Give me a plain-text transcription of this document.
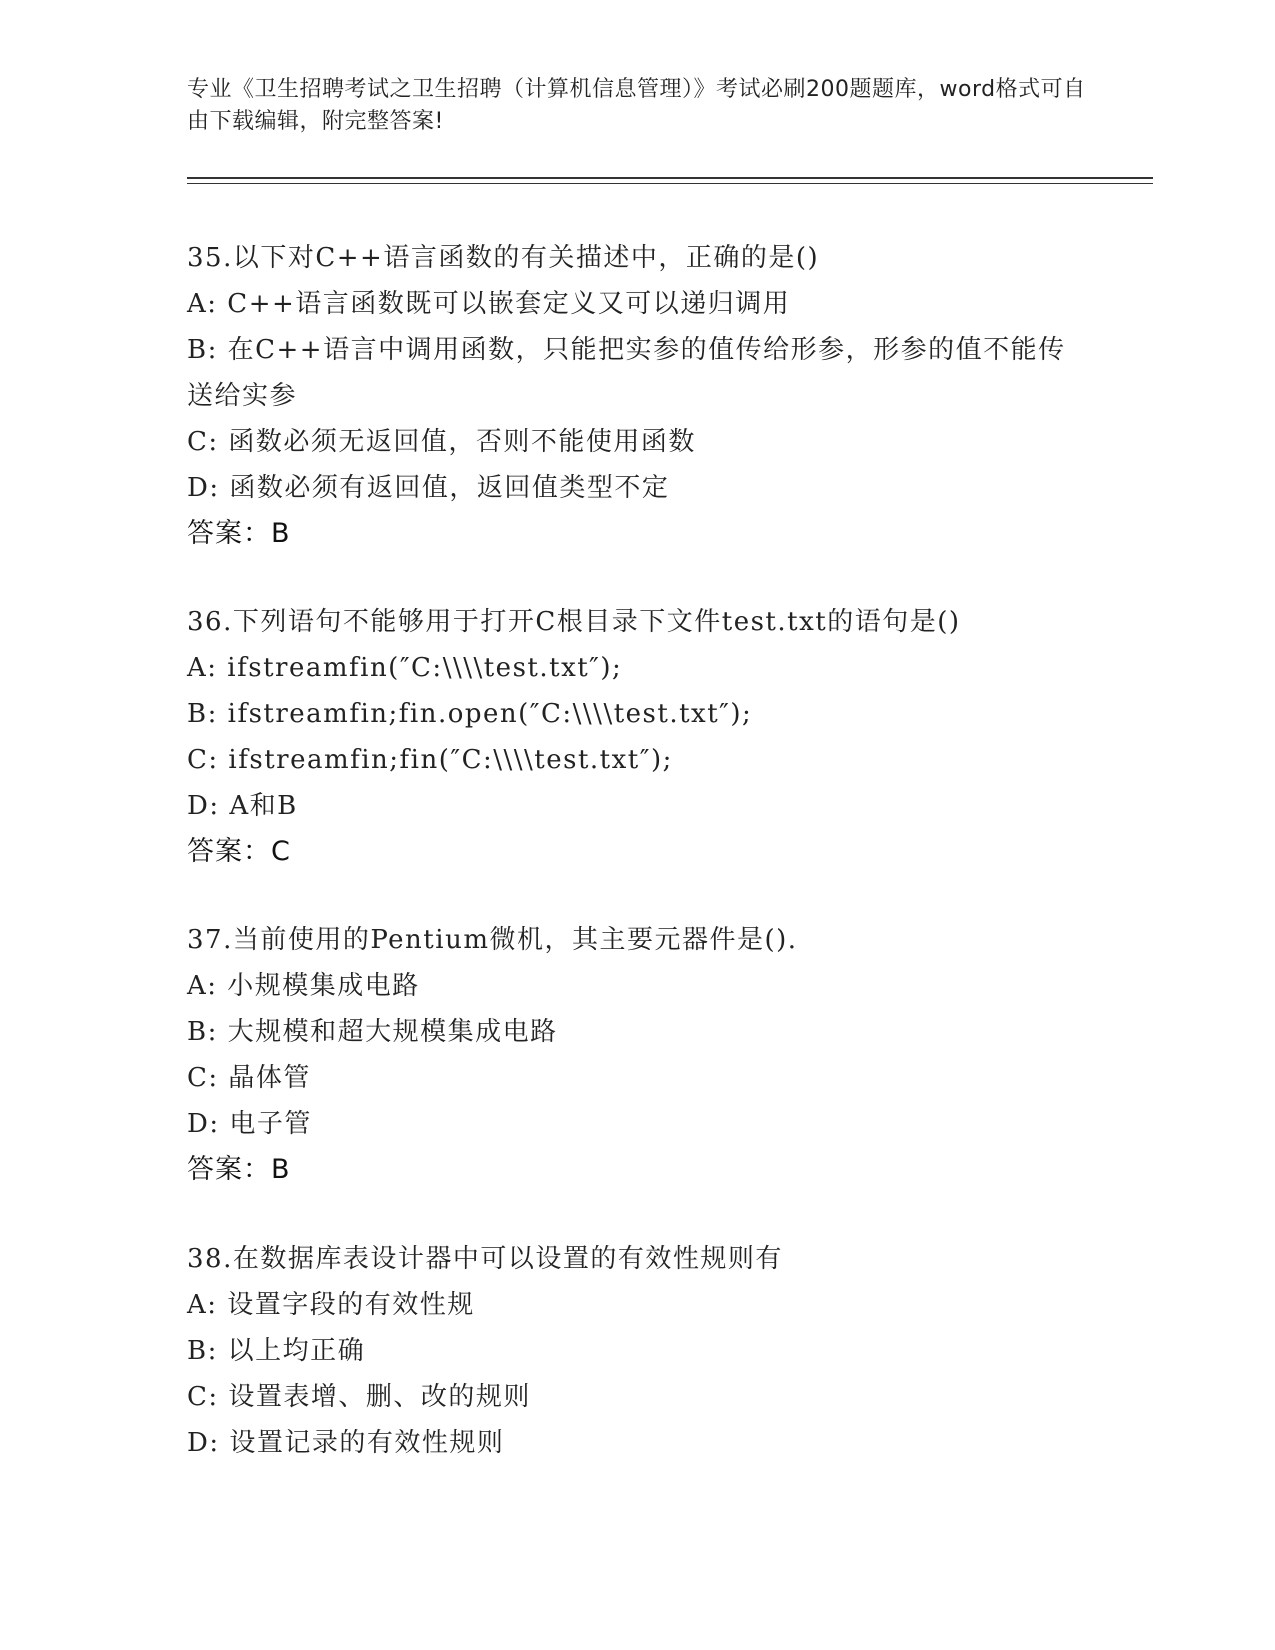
专业《卫生招聘考试之卫生招聘（计算机信息管理）》考试必刷200题题库，word格式可自由下载编辑，附完整答案!
35.以下对C++语言函数的有关描述中，正确的是()
A: C++语言函数既可以嵌套定义又可以递归调用
B: 在C++语言中调用函数，只能把实参的值传给形参，形参的值不能传送给实参
C: 函数必须无返回值，否则不能使用函数
D: 函数必须有返回值，返回值类型不定
答案：B
36.下列语句不能够用于打开C根目录下文件test.txt的语句是()
A: ifstreamfin(″C:\\\\test.txt″);
B: ifstreamfin;fin.open(″C:\\\\test.txt″);
C: ifstreamfin;fin(″C:\\\\test.txt″);
D: A和B
答案：C
37.当前使用的Pentium微机，其主要元器件是().
A: 小规模集成电路
B: 大规模和超大规模集成电路
C: 晶体管
D: 电子管
答案：B
38.在数据库表设计器中可以设置的有效性规则有
A: 设置字段的有效性规
B: 以上均正确
C: 设置表增、删、改的规则
D: 设置记录的有效性规则
